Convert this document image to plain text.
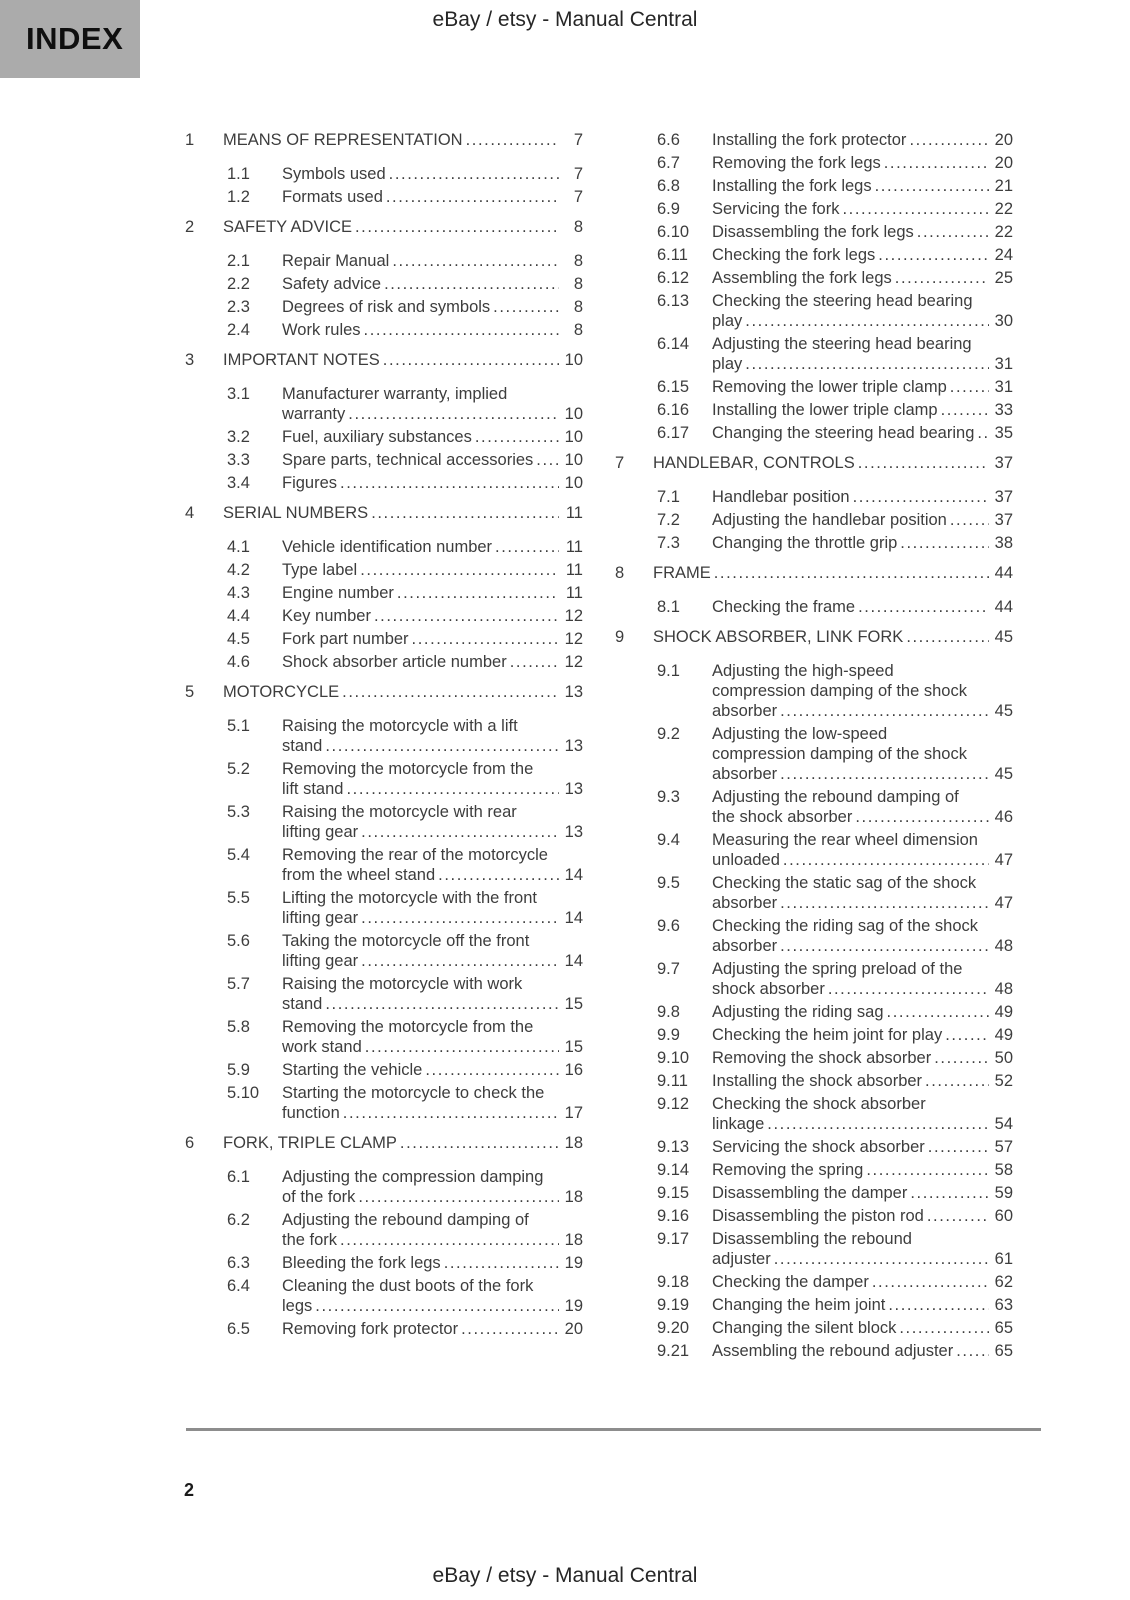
INDEX
eBay / etsy - Manual Central
1	MEANS OF REPRESENTATION .....	7
1.1	Symbols used .....	7
1.2	Formats used .....	7
2	SAFETY ADVICE .....	8
2.1	Repair Manual .....	8
2.2	Safety advice .....	8
2.3	Degrees of risk and symbols .....	8
2.4	Work rules .....	8
3	IMPORTANT NOTES .....	10
3.1	Manufacturer warranty, implied
warranty .....	10
3.2	Fuel, auxiliary substances .....	10
3.3	Spare parts, technical accessories ..... 10
3.4	Figures .....	10
4	SERIAL NUMBERS .....	11
4.1	Vehicle identification number .....	11
4.2	Type label .....	11
4.3	Engine number .....	11
4.4	Key number .....	12
4.5	Fork part number .....	12
4.6	Shock absorber article number .....	12
5	MOTORCYCLE .....	13
5.1	Raising the motorcycle with a lift
stand .....	13
5.2	Removing the motorcycle from the
lift stand .....	13
5.3	Raising the motorcycle with rear
lifting gear .....	13
5.4	Removing the rear of the motorcycle
from the wheel stand .....	14
5.5	Lifting the motorcycle with the front
lifting gear .....	14
5.6	Taking the motorcycle off the front
lifting gear .....	14
5.7	Raising the motorcycle with work
stand .....	15
5.8	Removing the motorcycle from the
work stand .....	15
5.9	Starting the vehicle .....	16
5.10	Starting the motorcycle to check the
function .....	17
6	FORK, TRIPLE CLAMP .....	18
6.1	Adjusting the compression damping
of the fork .....	18
6.2	Adjusting the rebound damping of
the fork .....	18
6.3	Bleeding the fork legs .....	19
6.4	Cleaning the dust boots of the fork
legs .....	19
6.5	Removing fork protector .....	20
6.6	Installing the fork protector .....	20
6.7	Removing the fork legs .....	20
6.8	Installing the fork legs .....	21
6.9	Servicing the fork .....	22
6.10	Disassembling the fork legs .....	22
6.11	Checking the fork legs .....	24
6.12	Assembling the fork legs .....	25
6.13	Checking the steering head bearing
play .....	30
6.14	Adjusting the steering head bearing
play .....	31
6.15	Removing the lower triple clamp .....	31
6.16	Installing the lower triple clamp .....	33
6.17	Changing the steering head bearing ..... 35
7	HANDLEBAR, CONTROLS .....	37
7.1	Handlebar position .....	37
7.2	Adjusting the handlebar position .....	37
7.3	Changing the throttle grip .....	38
8	FRAME .....	44
8.1	Checking the frame .....	44
9	SHOCK ABSORBER, LINK FORK .....	45
9.1	Adjusting the high-speed
compression damping of the shock
absorber .....	45
9.2	Adjusting the low-speed
compression damping of the shock
absorber .....	45
9.3	Adjusting the rebound damping of
the shock absorber .....	46
9.4	Measuring the rear wheel dimension
unloaded .....	47
9.5	Checking the static sag of the shock
absorber .....	47
9.6	Checking the riding sag of the shock
absorber .....	48
9.7	Adjusting the spring preload of the
shock absorber .....	48
9.8	Adjusting the riding sag .....	49
9.9	Checking the heim joint for play .....	49
9.10	Removing the shock absorber .....	50
9.11	Installing the shock absorber .....	52
9.12	Checking the shock absorber
linkage .....	54
9.13	Servicing the shock absorber .....	57
9.14	Removing the spring .....	58
9.15	Disassembling the damper .....	59
9.16	Disassembling the piston rod .....	60
9.17	Disassembling the rebound
adjuster .....	61
9.18	Checking the damper .....	62
9.19	Changing the heim joint .....	63
9.20	Changing the silent block .....	65
9.21	Assembling the rebound adjuster .....	65
2
eBay / etsy - Manual Central
